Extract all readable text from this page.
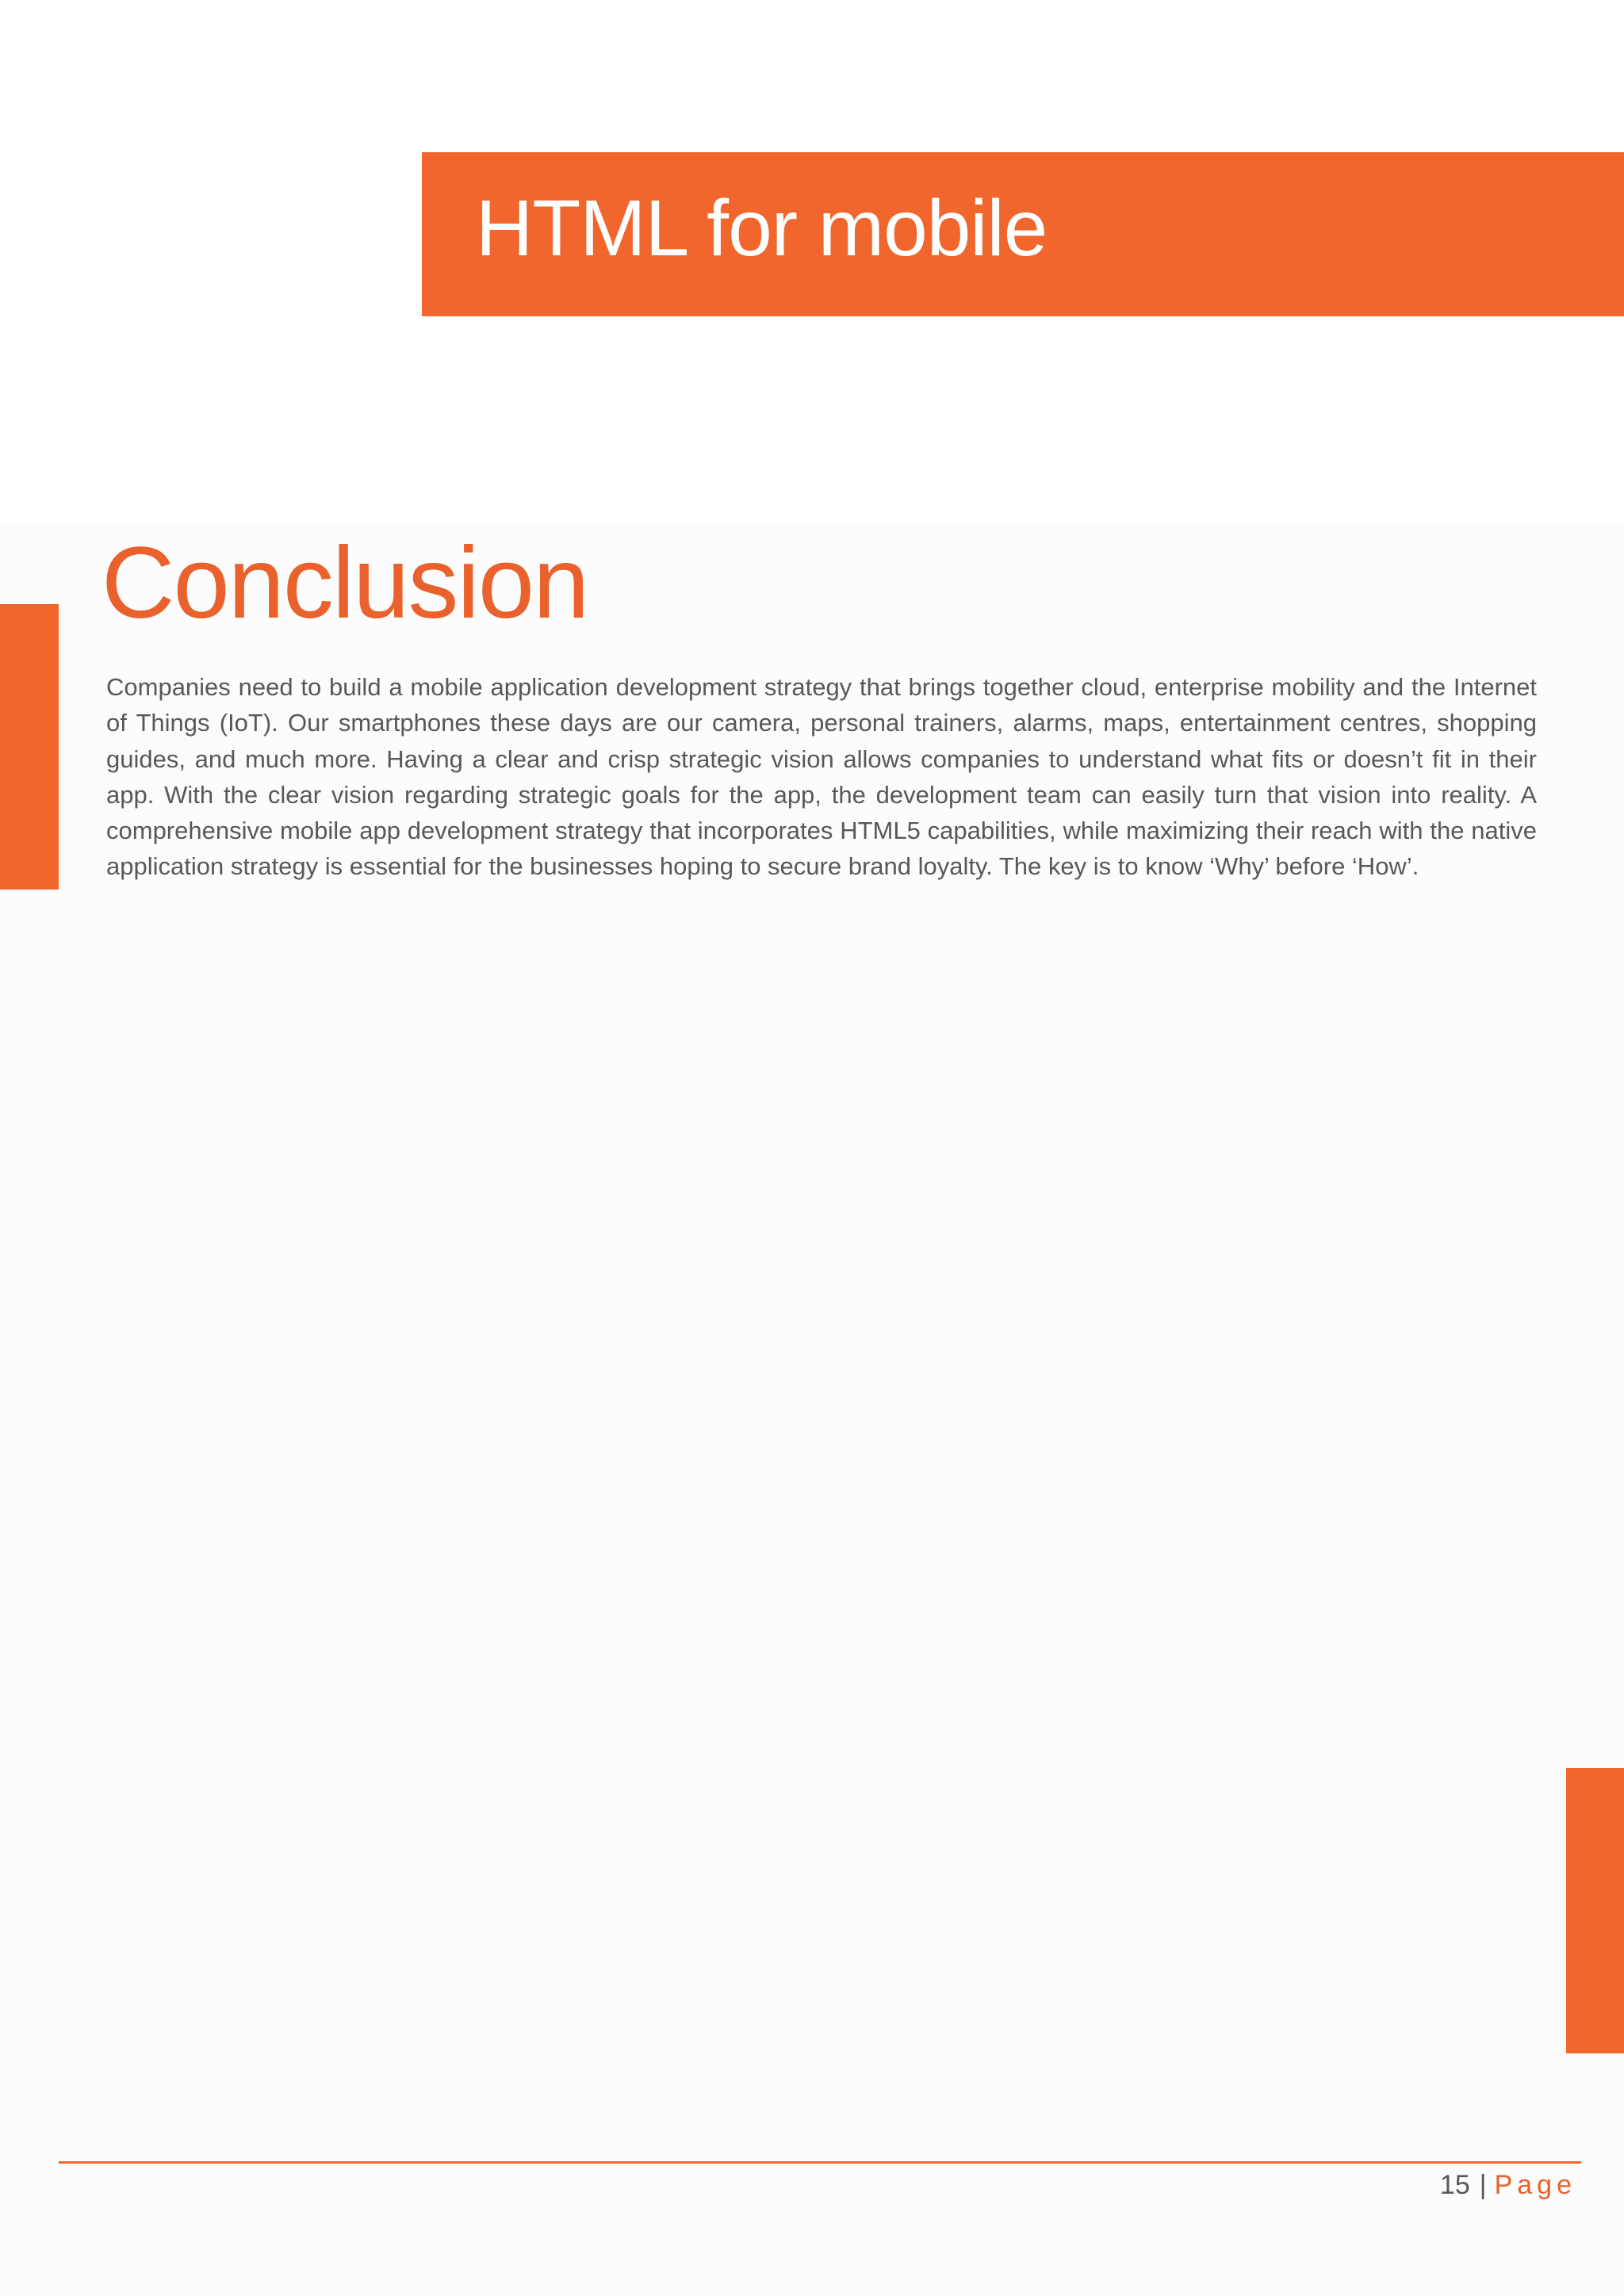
HTML for mobile
Conclusion

Companies need to build a mobile application development strategy that brings together cloud, enterprise mobility and the Internet of Things (IoT). Our smartphones these days are our camera, personal trainers, alarms, maps, entertainment centres, shopping guides, and much more. Having a clear and crisp strategic vision allows companies to understand what fits or doesn’t fit in their app. With the clear vision regarding strategic goals for the app, the development team can easily turn that vision into reality. A comprehensive mobile app development strategy that incorporates HTML5 capabilities, while maximizing their reach with the native application strategy is essential for the businesses hoping to secure brand loyalty. The key is to know ‘Why’ before ‘How’.

15 | Page
